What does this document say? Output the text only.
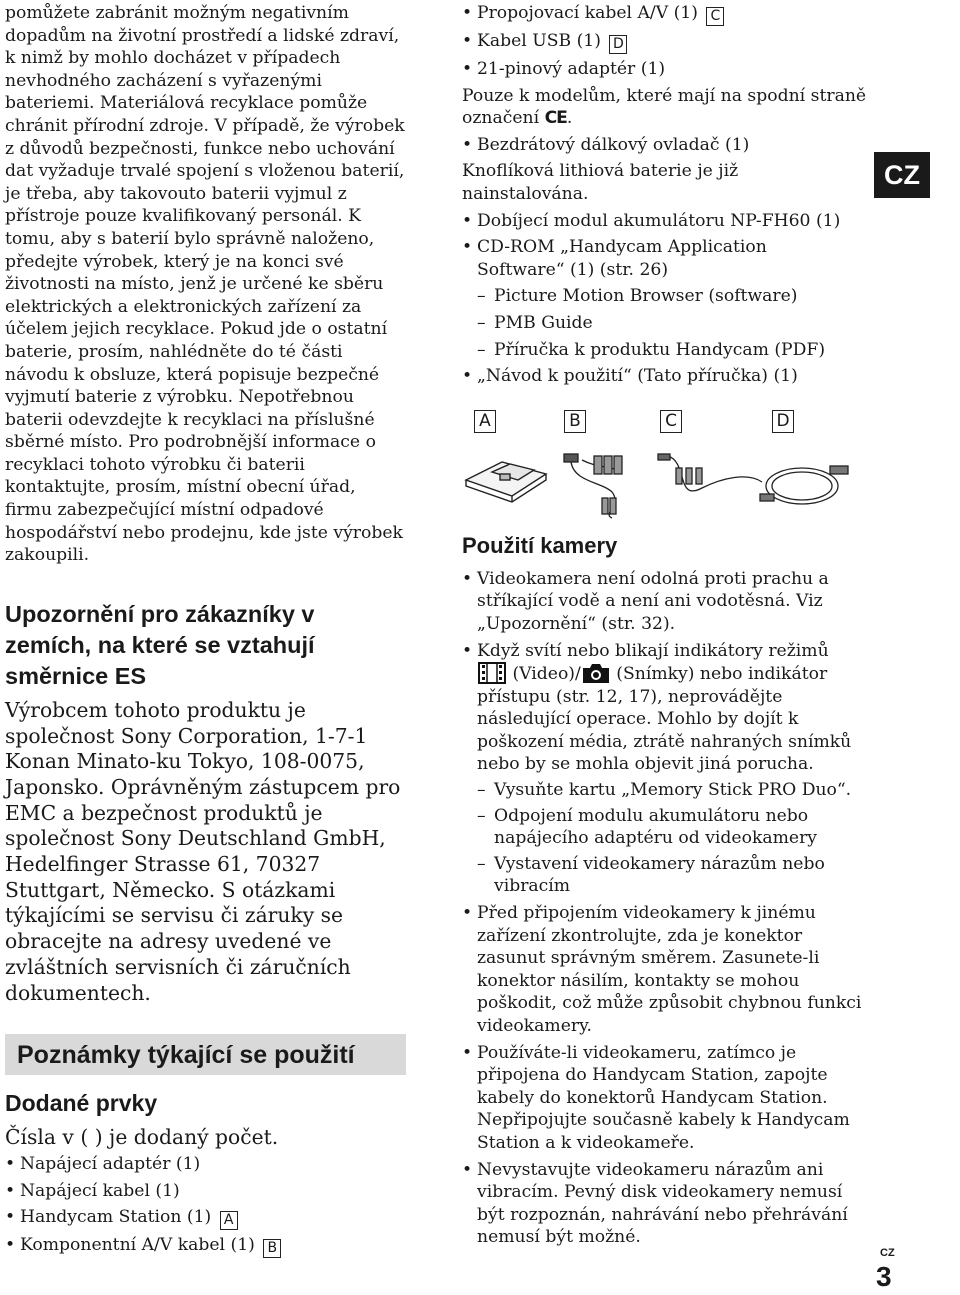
pomůžete zabránit možným negativním dopadům na životní prostředí a lidské zdraví, k nimž by mohlo docházet v případech nevhodného zacházení s vyřazenými bateriemi. Materiálová recyklace pomůže chránit přírodní zdroje. V případě, že výrobek z důvodů bezpečnosti, funkce nebo uchování dat vyžaduje trvalé spojení s vloženou baterií, je třeba, aby takovouto baterii vyjmul z přístroje pouze kvalifikovaný personál. K tomu, aby s baterií bylo správně naloženo, předejte výrobek, který je na konci své životnosti na místo, jenž je určené ke sběru elektrických a elektronických zařízení za účelem jejich recyklace. Pokud jde o ostatní baterie, prosím, nahlédněte do té části návodu k obsluze, která popisuje bezpečné vyjmutí baterie z výrobku. Nepotřebnou baterii odevzdejte k recyklaci na příslušné sběrné místo. Pro podrobnější informace o recyklaci tohoto výrobku či baterii kontaktujte, prosím, místní obecní úřad, firmu zabezpečující místní odpadové hospodářství nebo prodejnu, kde jste výrobek zakoupili.

Upozornění pro zákazníky v zemích, na které se vztahují směrnice ES

Výrobcem tohoto produktu je společnost Sony Corporation, 1-7-1 Konan Minato-ku Tokyo, 108-0075, Japonsko. Oprávněným zástupcem pro EMC a bezpečnost produktů je společnost Sony Deutschland GmbH, Hedelfinger Strasse 61, 70327 Stuttgart, Německo. S otázkami týkajícími se servisu či záruky se obracejte na adresy uvedené ve zvláštních servisních či záručních dokumentech.

Poznámky týkající se použití
Dodané prvky

Čísla v ( ) je dodaný počet.

• Napájecí adaptér (1)
• Napájecí kabel (1)
• Handycam Station (1) A
• Komponentní A/V kabel (1) B
• Propojovací kabel A/V (1) C
• Kabel USB (1) D
• 21-pinový adaptér (1)

Pouze k modelům, které mají na spodní straně označení CE.

• Bezdrátový dálkový ovladač (1)

Knoflíková lithiová baterie je již nainstalována.

• Dobíjecí modul akumulátoru NP-FH60 (1)
• CD-ROM „Handycam Application Software“ (1) (str. 26)
– Picture Motion Browser (software)
– PMB Guide
– Příručka k produktu Handycam (PDF)
• „Návod k použití“ (Tato příručka) (1)
A	B	C	D
Použití kamery
• Videokamera není odolná proti prachu a stříkající vodě a není ani vodotěsná. Viz „Upozornění“ (str. 32).
• Když svítí nebo blikají indikátory režimů
(Video)/ (Snímky) nebo indikátor přístupu (str. 12, 17), neprovádějte následující operace. Mohlo by dojít k poškození média, ztrátě nahraných snímků nebo by se mohla objevit jiná porucha.
– Vysuňte kartu „Memory Stick PRO Duo“.
– Odpojení modulu akumulátoru nebo napájecího adaptéru od videokamery
– Vystavení videokamery nárazům nebo vibracím
• Před připojením videokamery k jinému zařízení zkontrolujte, zda je konektor zasunut správným směrem. Zasunete-li konektor násilím, kontakty se mohou poškodit, což může způsobit chybnou funkci videokamery.
• Používáte-li videokameru, zatímco je připojena do Handycam Station, zapojte kabely do konektorů Handycam Station. Nepřipojujte současně kabely k Handycam Station a k videokameře.
• Nevystavujte videokameru nárazům ani vibracím. Pevný disk videokamery nemusí být rozpoznán, nahrávání nebo přehrávání nemusí být možné.
CZ
CZ
3
